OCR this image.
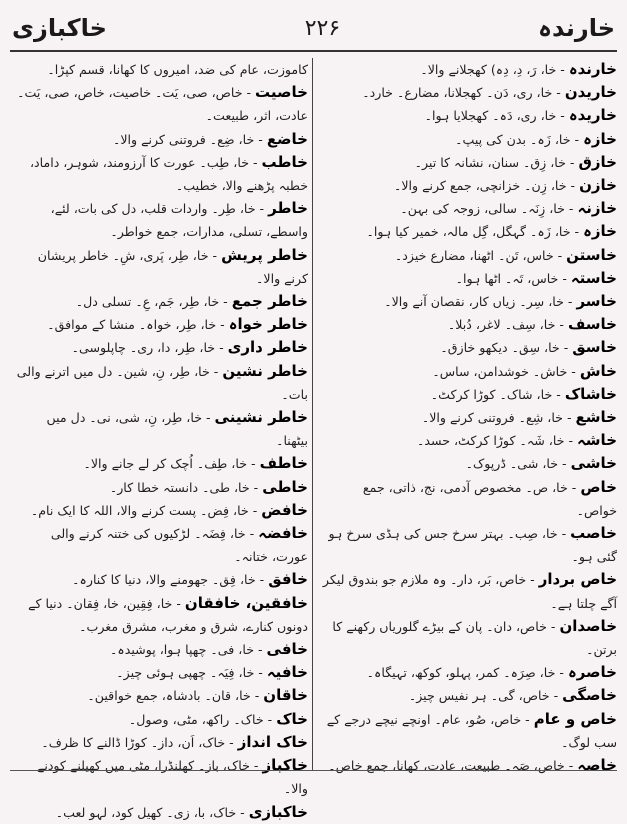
خاکبازی	۲۲۶	خارندہ

خارندہ - خا، رَ، دِ، دِہ) کھجلانے والا۔

خاریدن - خا، ری، دَن۔ کھجلانا، مضارع۔ خارد۔

خاریدہ - خا، ری، دَہ۔ کھجلایا ہوا۔

خازہ - خا، زَہ۔ بدن کی پیپ۔

خازق - خا، زِق۔ سنان، نشانہ کا تیر۔

خازن - خا، زِن۔ خزانچی، جمع کرنے والا۔

خازنہ - خا، زِنَہ۔ سالی، زوجہ کی بہن۔

خازہ - خا، زَہ۔ گہگل، گِل مالہ، خمیر کیا ہوا۔

خاستن - خاس، تَن۔ اٹھنا، مضارع خیزد۔

خاستہ - خاس، تَہ۔ اٹھا ہوا۔

خاسر - خا، سِر۔ زیاں کار، نقصان آنے والا۔

خاسف - خا، سِف۔ لاغر، دُبلا۔

خاسق - خا، سِق۔ دیکھو خازق۔

خاش - خاش۔ خوشدامن، ساس۔

خاشاک - خا، شاک۔ کوڑا کرکٹ۔

خاشع - خا، شِع۔ فروتنی کرنے والا۔

خاشہ - خا، شَہ۔ کوڑا کرکٹ، حسد۔

خاشی - خا، شی۔ ڈرپوک۔

خاص - خا، ص۔ مخصوص آدمی، نج، ذاتی، جمع خواص۔

خاصب - خا، صِب۔ بہتر سرخ جس کی ہڈی سرخ ہو گئی ہو۔

خاص بردار - خاص، بَر، دار۔ وہ ملازم جو بندوق لیکر آگے چلتا ہے۔

خاصدان - خاص، دان۔ پان کے بیڑے گلوریاں رکھنے کا برتن۔

خاصرہ - خا، صِرَہ۔ کمر، پہلو، کوکھ، تہیگاہ۔

خاصگی - خاص، گی۔ ہر نفیس چیز۔

خاص و عام - خاص، صُو، عام۔ اونچے نیچے درجے کے سب لوگ۔

خاصہ - خاص، صَہ۔ طبیعت، عادت، کھانا، جمع خاص۔

کاموزت، عام کی ضد، امیروں کا کھانا، قسم کپڑا۔

خاصیت - خاص، صی، یَت۔ خاصیت، خاص، صی، یَت۔

عادت، اثر، طبیعت۔

خاضع - خا، ضِع۔ فروتنی کرنے والا۔

خاطب - خا، طِب۔ عورت کا آرزومند، شوہر، داماد، خطبہ پڑھنے والا، خطیب۔

خاطر - خا، طِر۔ واردات قلب، دل کی بات، لئے، واسطے، تسلی، مدارات، جمع خواطر۔

خاطر پریش - خا، طِر، پَری، شِ۔ خاطر پریشان کرنے والا۔

خاطر جمع - خا، طِر، جَم، عِ۔ تسلی دل۔

خاطر خواہ - خا، طِر، خواہ۔ منشا کے موافق۔

خاطر داری - خا، طِر، دا، ری۔ چاپلوسی۔

خاطر نشین - خا، طِر، نِ، شین۔ دل میں اترنے والی بات۔

خاطر نشینی - خا، طِر، نِ، شی، نی۔ دل میں بیٹھنا۔

خاطف - خا، طِف۔ اُچک کر لے جانے والا۔

خاطی - خا، طی۔ دانستہ خطا کار۔

خافض - خا، فِض۔ پست کرنے والا، اللہ کا ایک نام۔

خافضہ - خا، فِضَہ۔ لڑکیوں کی ختنہ کرنے والی عورت، ختانہ۔

خافق - خا، فِق۔ جھومنے والا، دنیا کا کنارہ۔

خافقین، خافقان - خا، فِقِین، خا، فِقان۔ دنیا کے دونوں کنارے، شرق و مغرب، مشرق مغرب۔

خافی - خا، فی۔ چھپا ہوا، پوشیدہ۔

خافیہ - خا، فِیَہ۔ چھپی ہوئی چیز۔

خاقان - خا، قان۔ بادشاہ، جمع خواقین۔

خاک - خاک۔ راکھ، مٹی، وصول۔

خاک انداز - خاک، اَن، داز۔ کوڑا ڈالنے کا ظرف۔

خاکباز - خاک، باز۔ کھلنڈرا، مٹی میں کھیلنے کودنے والا۔

خاکبازی - خاک، با، زی۔ کھیل کود، لہو لعب۔
